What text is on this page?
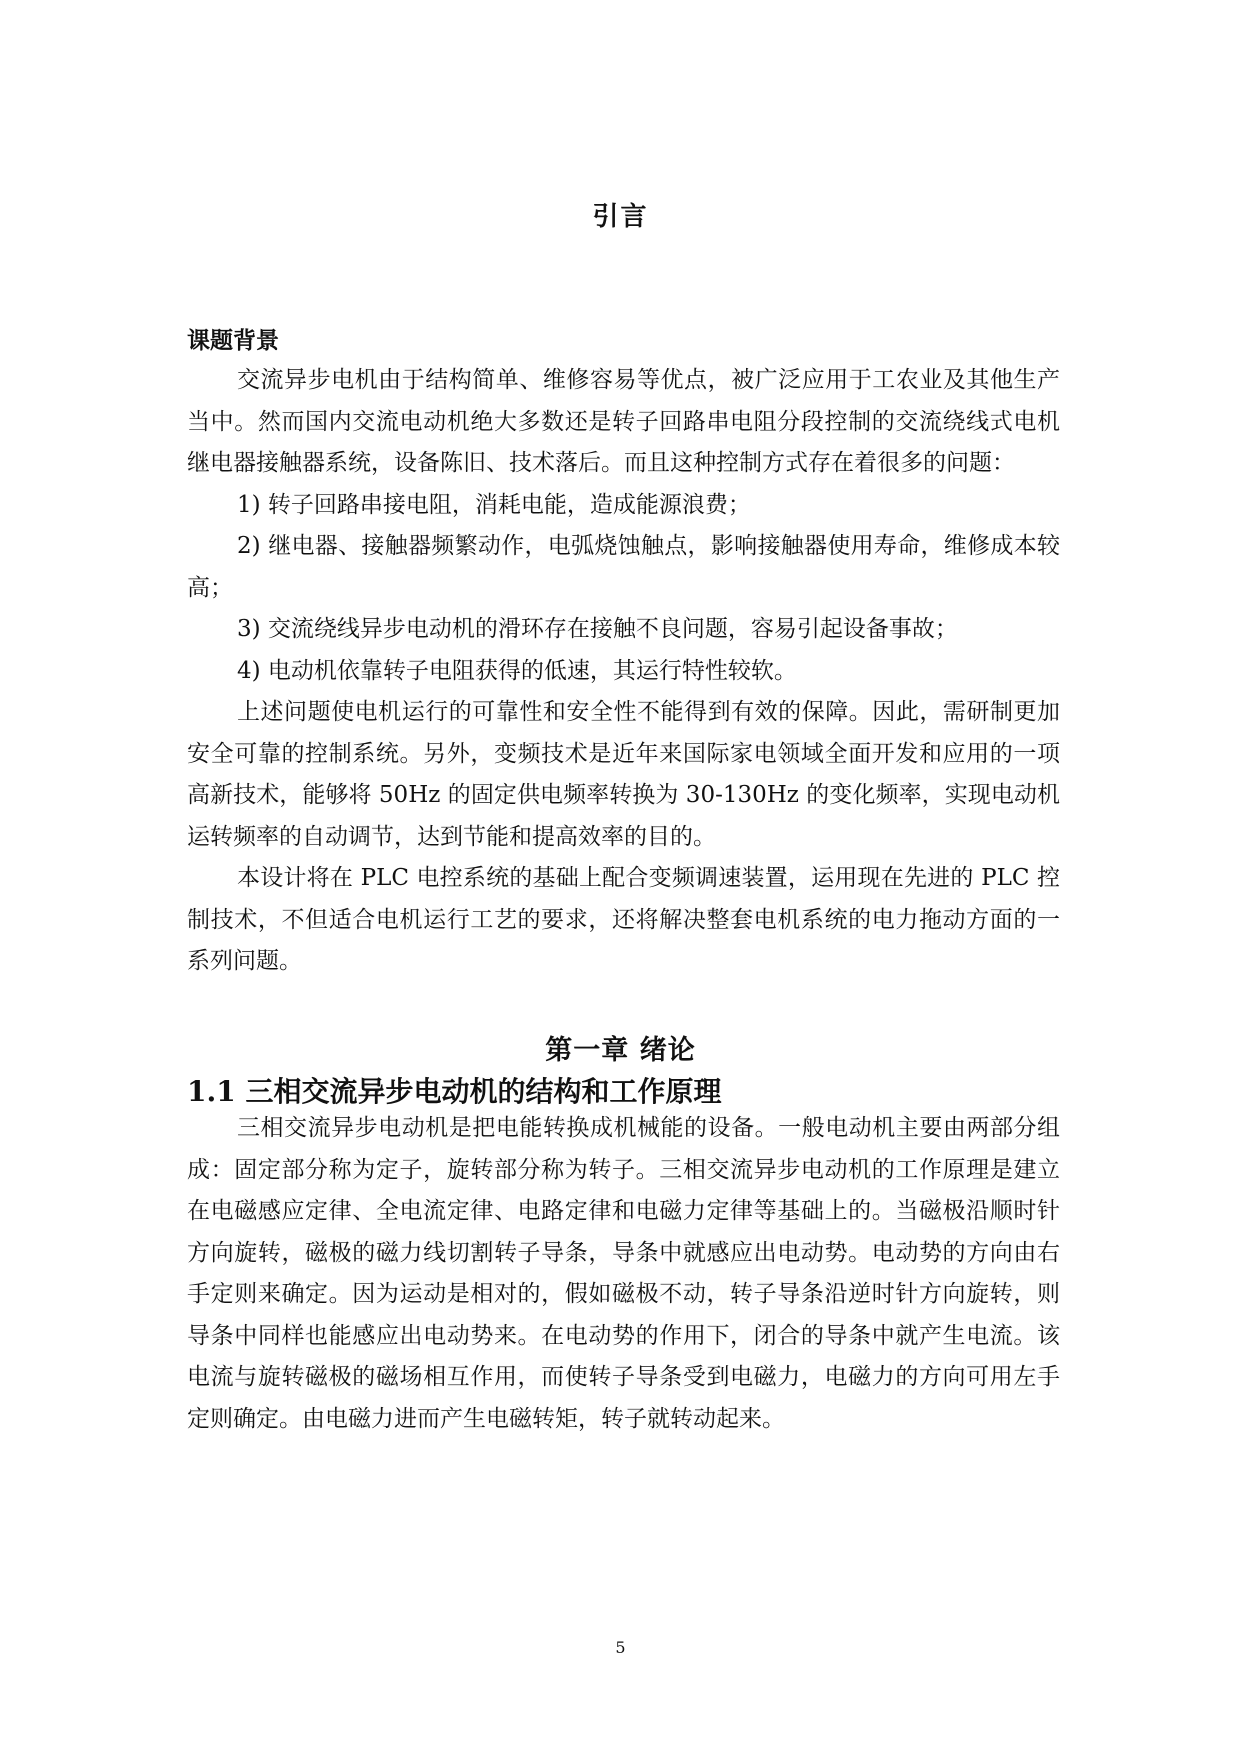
引言
课题背景

交流异步电机由于结构简单、维修容易等优点，被广泛应用于工农业及其他生产当中。然而国内交流电动机绝大多数还是转子回路串电阻分段控制的交流绕线式电机继电器接触器系统，设备陈旧、技术落后。而且这种控制方式存在着很多的问题：

1) 转子回路串接电阻，消耗电能，造成能源浪费；

2) 继电器、接触器频繁动作，电弧烧蚀触点，影响接触器使用寿命，维修成本较高；

3) 交流绕线异步电动机的滑环存在接触不良问题，容易引起设备事故；

4) 电动机依靠转子电阻获得的低速，其运行特性较软。

上述问题使电机运行的可靠性和安全性不能得到有效的保障。因此，需研制更加安全可靠的控制系统。另外，变频技术是近年来国际家电领域全面开发和应用的一项高新技术，能够将 50Hz 的固定供电频率转换为 30-130Hz 的变化频率，实现电动机运转频率的自动调节，达到节能和提高效率的目的。

本设计将在 PLC 电控系统的基础上配合变频调速装置，运用现在先进的 PLC 控制技术，不但适合电机运行工艺的要求，还将解决整套电机系统的电力拖动方面的一系列问题。

第一章 绪论
1.1 三相交流异步电动机的结构和工作原理

三相交流异步电动机是把电能转换成机械能的设备。一般电动机主要由两部分组成：固定部分称为定子，旋转部分称为转子。三相交流异步电动机的工作原理是建立在电磁感应定律、全电流定律、电路定律和电磁力定律等基础上的。当磁极沿顺时针方向旋转，磁极的磁力线切割转子导条，导条中就感应出电动势。电动势的方向由右手定则来确定。因为运动是相对的，假如磁极不动，转子导条沿逆时针方向旋转，则导条中同样也能感应出电动势来。在电动势的作用下，闭合的导条中就产生电流。该电流与旋转磁极的磁场相互作用，而使转子导条受到电磁力，电磁力的方向可用左手定则确定。由电磁力进而产生电磁转矩，转子就转动起来。

5
